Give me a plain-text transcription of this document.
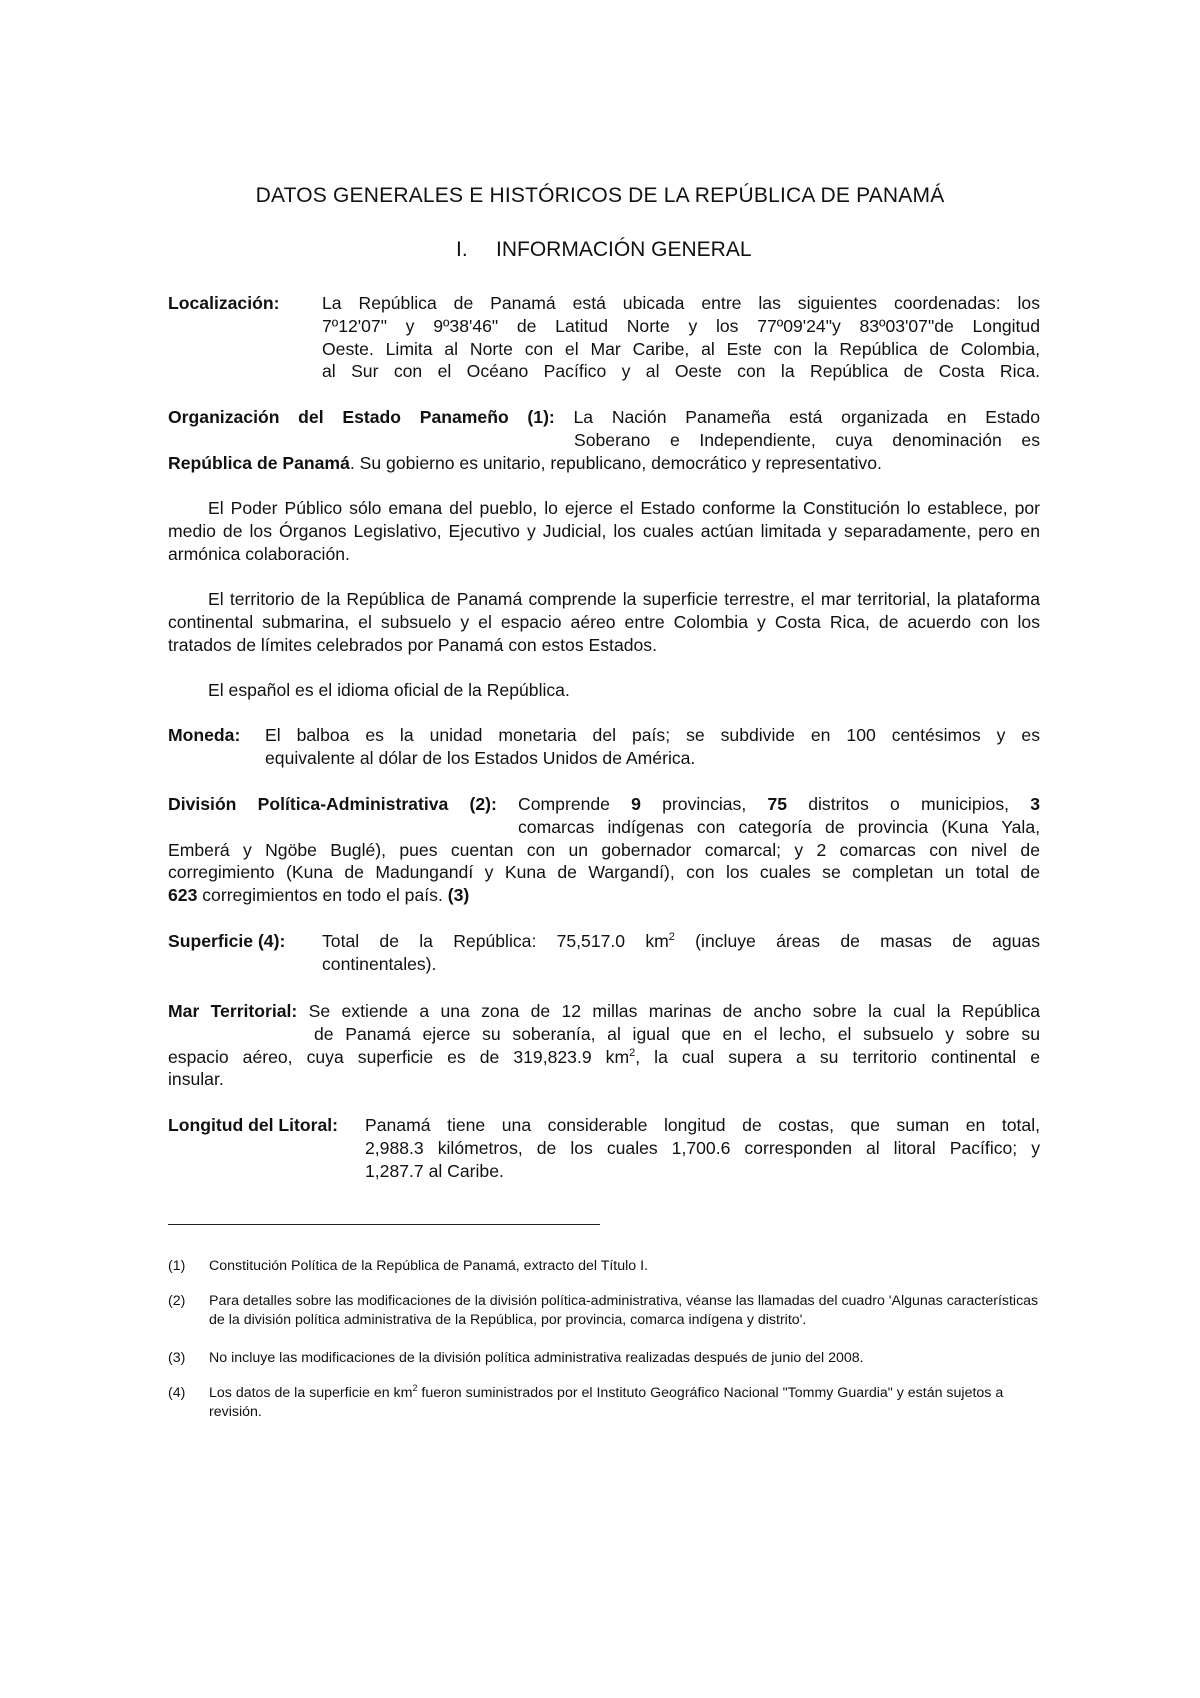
DATOS GENERALES E HISTÓRICOS DE LA REPÚBLICA DE PANAMÁ
I. INFORMACIÓN GENERAL
Localización: La República de Panamá está ubicada entre las siguientes coordenadas: los
7º12'07" y 9º38'46" de Latitud Norte y los 77º09'24"y 83º03'07"de Longitud
Oeste. Limita al Norte con el Mar Caribe, al Este con la República de Colombia,
al Sur con el Océano Pacífico y al Oeste con la República de Costa Rica.
Organización del Estado Panameño (1): La Nación Panameña está organizada en Estado
Soberano e Independiente, cuya denominación es
República de Panamá. Su gobierno es unitario, republicano, democrático y representativo.
El Poder Público sólo emana del pueblo, lo ejerce el Estado conforme la Constitución lo establece, por medio de los Órganos Legislativo, Ejecutivo y Judicial, los cuales actúan limitada y separadamente, pero en armónica colaboración.
El territorio de la República de Panamá comprende la superficie terrestre, el mar territorial, la plataforma continental submarina, el subsuelo y el espacio aéreo entre Colombia y Costa Rica, de acuerdo con los tratados de límites celebrados por Panamá con estos Estados.
El español es el idioma oficial de la República.
Moneda: El balboa es la unidad monetaria del país; se subdivide en 100 centésimos y es
equivalente al dólar de los Estados Unidos de América.
División Política-Administrativa (2): Comprende 9 provincias, 75 distritos o municipios, 3
comarcas indígenas con categoría de provincia (Kuna Yala,
Emberá y Ngöbe Buglé), pues cuentan con un gobernador comarcal; y 2 comarcas con nivel de
corregimiento (Kuna de Madungandí y Kuna de Wargandí), con los cuales se completan un total de
623 corregimientos en todo el país. (3)
Superficie (4): Total de la República: 75,517.0 $km^2$ (incluye áreas de masas de aguas
continentales).
Mar Territorial: Se extiende a una zona de 12 millas marinas de ancho sobre la cual la República
de Panamá ejerce su soberanía, al igual que en el lecho, el subsuelo y sobre su
espacio aéreo, cuya superficie es de 319,823.9 $km^2$, la cual supera a su territorio continental e
insular.
Longitud del Litoral: Panamá tiene una considerable longitud de costas, que suman en total,
2,988.3 kilómetros, de los cuales 1,700.6 corresponden al litoral Pacífico; y
1,287.7 al Caribe.
(1) Constitución Política de la República de Panamá, extracto del Título I.
(2) Para detalles sobre las modificaciones de la división política-administrativa, véanse las llamadas del cuadro 'Algunas características de la división política administrativa de la República, por provincia, comarca indígena y distrito'.
(3) No incluye las modificaciones de la división política administrativa realizadas después de junio del 2008.
(4) Los datos de la superficie en $km^2$ fueron suministrados por el Instituto Geográfico Nacional "Tommy Guardia" y están sujetos a revisión.
